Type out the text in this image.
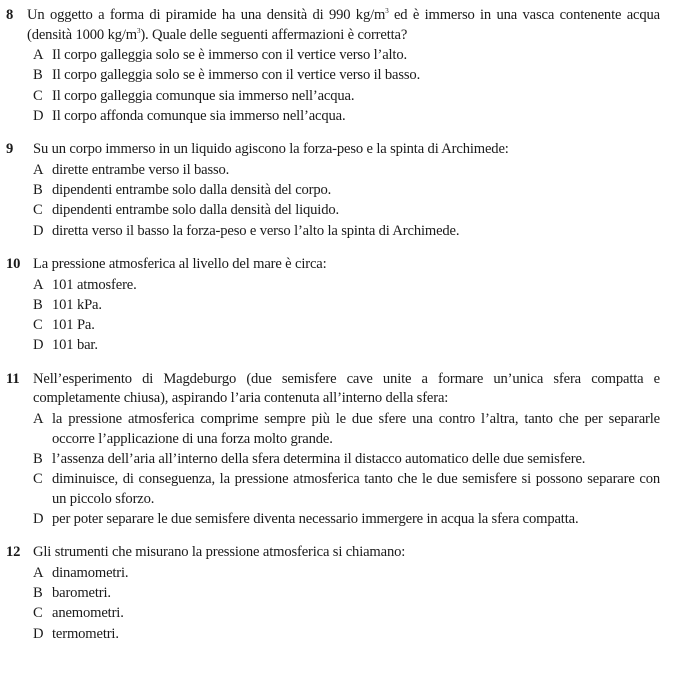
8 Un oggetto a forma di piramide ha una densità di 990 $kg/m^3$ ed è immerso in una vasca contenente acqua (densità 1000 $kg/m^3$). Quale delle seguenti affermazioni è corretta?
A Il corpo galleggia solo se è immerso con il vertice verso l’alto.
B Il corpo galleggia solo se è immerso con il vertice verso il basso.
C Il corpo galleggia comunque sia immerso nell’acqua.
D Il corpo affonda comunque sia immerso nell’acqua.
9	Su un corpo immerso in un liquido agiscono la forza-peso e la spinta di Archimede:
A dirette entrambe verso il basso.
B dipendenti entrambe solo dalla densità del corpo.
C dipendenti entrambe solo dalla densità del liquido.
D diretta verso il basso la forza-peso e verso l’alto la spinta di Archimede.
10 La pressione atmosferica al livello del mare è circa:
A 101 atmosfere.
B 101 kPa.
C 101 Pa.
D 101 bar.
11 Nell’esperimento di Magdeburgo (due semisfere cave unite a formare un’unica sfera compatta e completamente chiusa), aspirando l’aria contenuta all’interno della sfera:
A la pressione atmosferica comprime sempre più le due sfere una contro l’altra, tanto che per separarle occorre l’applicazione di una forza molto grande.
B l’assenza dell’aria all’interno della sfera determina il distacco automatico delle due semisfere.
C diminuisce, di conseguenza, la pressione atmosferica tanto che le due semisfere si possono separare con un piccolo sforzo.
D per poter separare le due semisfere diventa necessario immergere in acqua la sfera compatta.
12 Gli strumenti che misurano la pressione atmosferica si chiamano:
A dinamometri.
B barometri.
C anemometri.
D termometri.
